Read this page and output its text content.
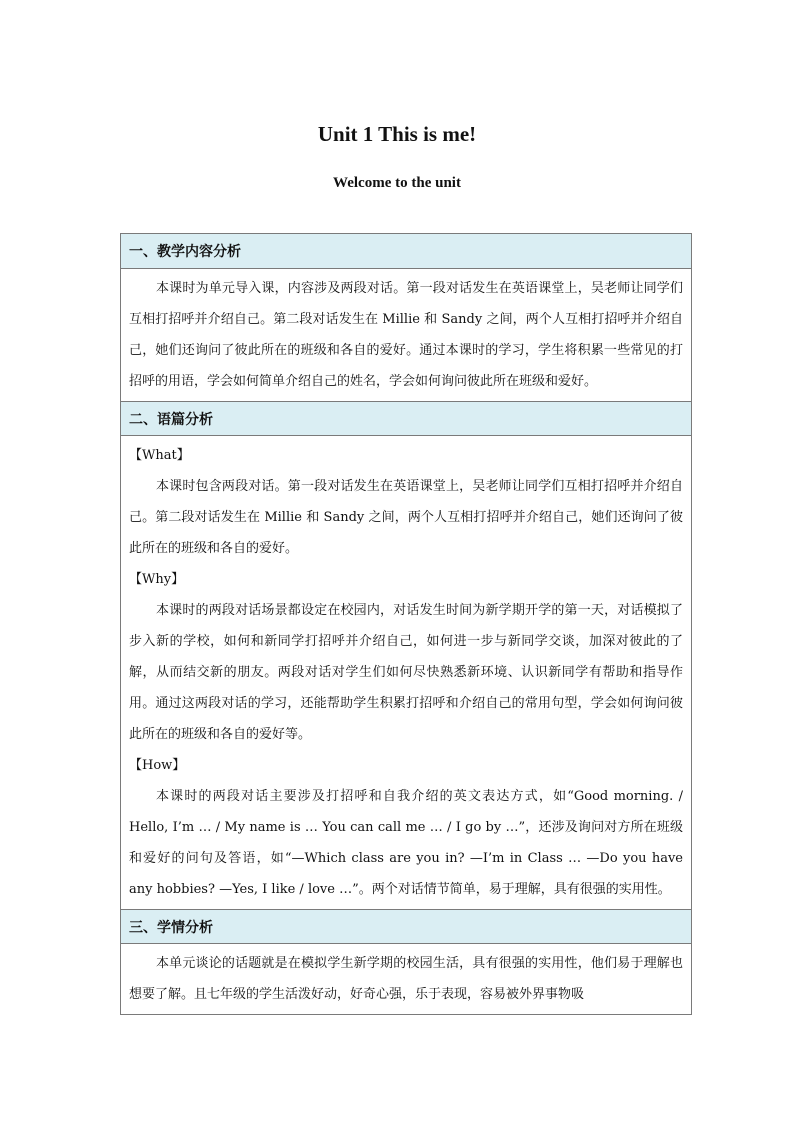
Unit 1 This is me!
Welcome to the unit
一、教学内容分析

本课时为单元导入课，内容涉及两段对话。第一段对话发生在英语课堂上，吴老师让同学们互相打招呼并介绍自己。第二段对话发生在 Millie 和 Sandy 之间，两个人互相打招呼并介绍自己，她们还询问了彼此所在的班级和各自的爱好。通过本课时的学习，学生将积累一些常见的打招呼的用语，学会如何简单介绍自己的姓名，学会如何询问彼此所在班级和爱好。

二、语篇分析

【What】

本课时包含两段对话。第一段对话发生在英语课堂上，吴老师让同学们互相打招呼并介绍自己。第二段对话发生在 Millie 和 Sandy 之间，两个人互相打招呼并介绍自己，她们还询问了彼此所在的班级和各自的爱好。

【Why】

本课时的两段对话场景都设定在校园内，对话发生时间为新学期开学的第一天，对话模拟了步入新的学校，如何和新同学打招呼并介绍自己，如何进一步与新同学交谈，加深对彼此的了解，从而结交新的朋友。两段对话对学生们如何尽快熟悉新环境、认识新同学有帮助和指导作用。通过这两段对话的学习，还能帮助学生积累打招呼和介绍自己的常用句型，学会如何询问彼此所在的班级和各自的爱好等。

【How】

本课时的两段对话主要涉及打招呼和自我介绍的英文表达方式，如“Good morning. / Hello, I’m … / My name is … You can call me … / I go by …”，还涉及询问对方所在班级和爱好的问句及答语，如“—Which class are you in? —I’m in Class … —Do you have any hobbies? —Yes, I like / love …”。两个对话情节简单，易于理解，具有很强的实用性。

三、学情分析

本单元谈论的话题就是在模拟学生新学期的校园生活，具有很强的实用性，他们易于理解也想要了解。且七年级的学生活泼好动，好奇心强，乐于表现，容易被外界事物吸
